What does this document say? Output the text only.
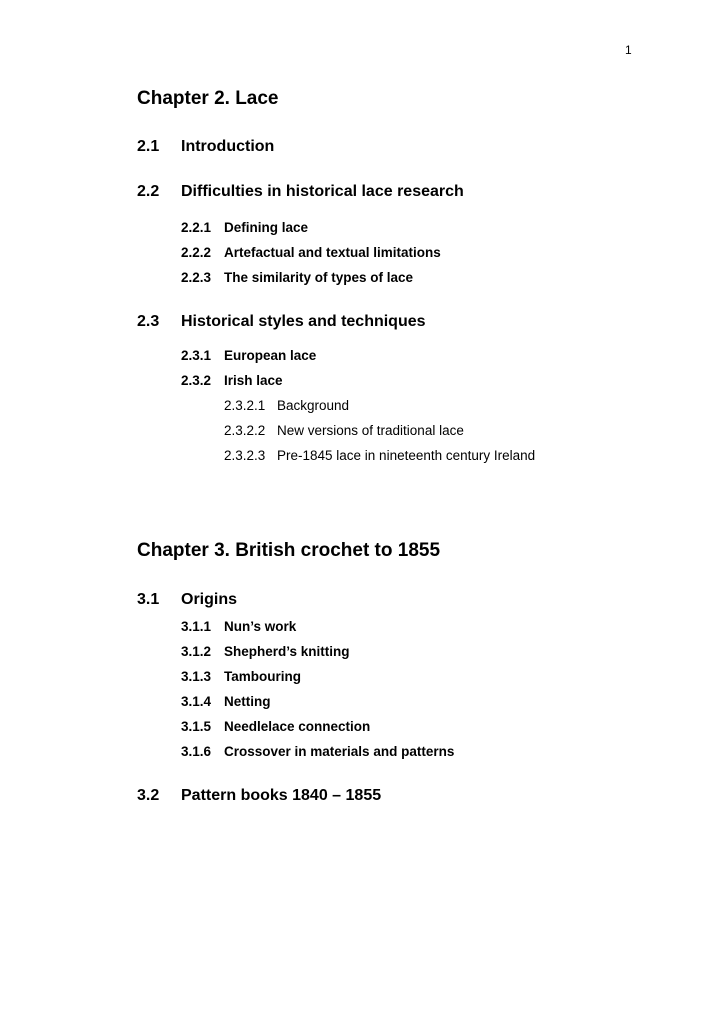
1
Chapter 2. Lace
2.1 Introduction
2.2 Difficulties in historical lace research
2.2.1 Defining lace
2.2.2 Artefactual and textual limitations
2.2.3 The similarity of types of lace
2.3 Historical styles and techniques
2.3.1 European lace
2.3.2 Irish lace
2.3.2.1 Background
2.3.2.2 New versions of traditional lace
2.3.2.3 Pre-1845 lace in nineteenth century Ireland
Chapter 3. British crochet to 1855
3.1 Origins
3.1.1 Nun’s work
3.1.2 Shepherd’s knitting
3.1.3 Tambouring
3.1.4 Netting
3.1.5 Needlelace connection
3.1.6 Crossover in materials and patterns
3.2 Pattern books 1840 – 1855
